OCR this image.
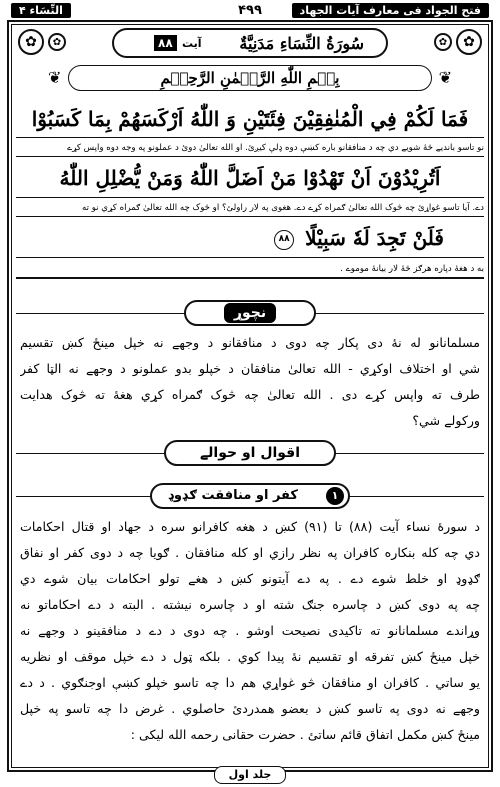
فتح الجواد فی معارف آیات الجهاد
۴۹۹
النِّسَاء ۴
✿	✿	✿
✿
سُورَةُ النِّسَاءِ مَدَنِيَّةٌ
آیت
۸۸
❦	بِسۡمِ اللّٰهِ الرَّحۡمٰنِ الرَّحِيۡمِ	❦
فَمَا لَكُمْ فِي الْمُنٰفِقِيْنَ فِئَتَيْنِ وَ اللّٰهُ اَرْكَسَهُمْ بِمَا كَسَبُوْا
نو تاسو بانديے څۀ شويے دي چه د منافقانو باره کښې دوه ډلې کيږئ. او الله تعالیٰ دوئ د عملونو په وجه دوه واپس کړے
اَتُرِيْدُوْنَ اَنْ تَهْدُوْا مَنْ اَضَلَّ اللّٰهُ وَمَنْ يُّضْلِلِ اللّٰهُ
دے. آيا تاسو غواړئ چه څوک الله تعالیٰ ګمراه کړے دے. هغوی په لار راولئ؟ او څوک چه الله تعالیٰ ګمراه کړي نو ته
فَلَنْ تَجِدَ لَهٗ سَبِيْلًا ۸۸
به د هغۀ دپاره هرګز څۀ لار بيانۀ موموے .
نچوړ
مسلمانانو له نۀ دی پکار چه دوی د منافقانو د وجهے نه خپل مينځ کښ تقسيم
شي او اختلاف اوکړي - الله تعالیٰ منافقان د خپلو بدو عملونو د وجهے نه الټا کفر
طرف ته واپس کړے دی . الله تعالیٰ چه څوک ګمراه کړي هغۀ ته څوک هدايت
ورکولے شي؟
اقوال او حوالے
۱
کفر او منافقت ګډوډ
د سورۀ نساء آيت (۸۸) تا (۹۱) کښ د هغه کافرانو سره د جهاد او قتال احکامات
دي چه کله بنکاره کافران په نظر رازي او کله منافقان . ګويا چه د دوی کفر او نفاق
ګډوډ او خلط شوے دے . په دے آيتونو کښ د هغے تولو احکامات بيان شوے دي
چه په دوی کښ د چاسره جنګ شته او د چاسره نيشته . البته د دے احکاماتو نه
وړاندے مسلمانانو ته تاکيدی نصيحت اوشو . چه دوی د دے د منافقينو د وجهے نه
خپل مينځ کښ تفرقه او تقسيم نۀ پيدا کوي . بلکه ټول د دے خپل موقف او نظريه
يو ساتي . کافران او منافقان څو غواړي هم دا چه تاسو خپلو کښې اوجنګوي . د دے
وجهے نه دوی په تاسو کښ د بعضو همدردئ حاصلوي . غرض دا چه تاسو په خپل
مينځ کښ مکمل اتفاق قائم ساتئ . حضرت حقانی رحمه الله ليکی :
جلد اول
